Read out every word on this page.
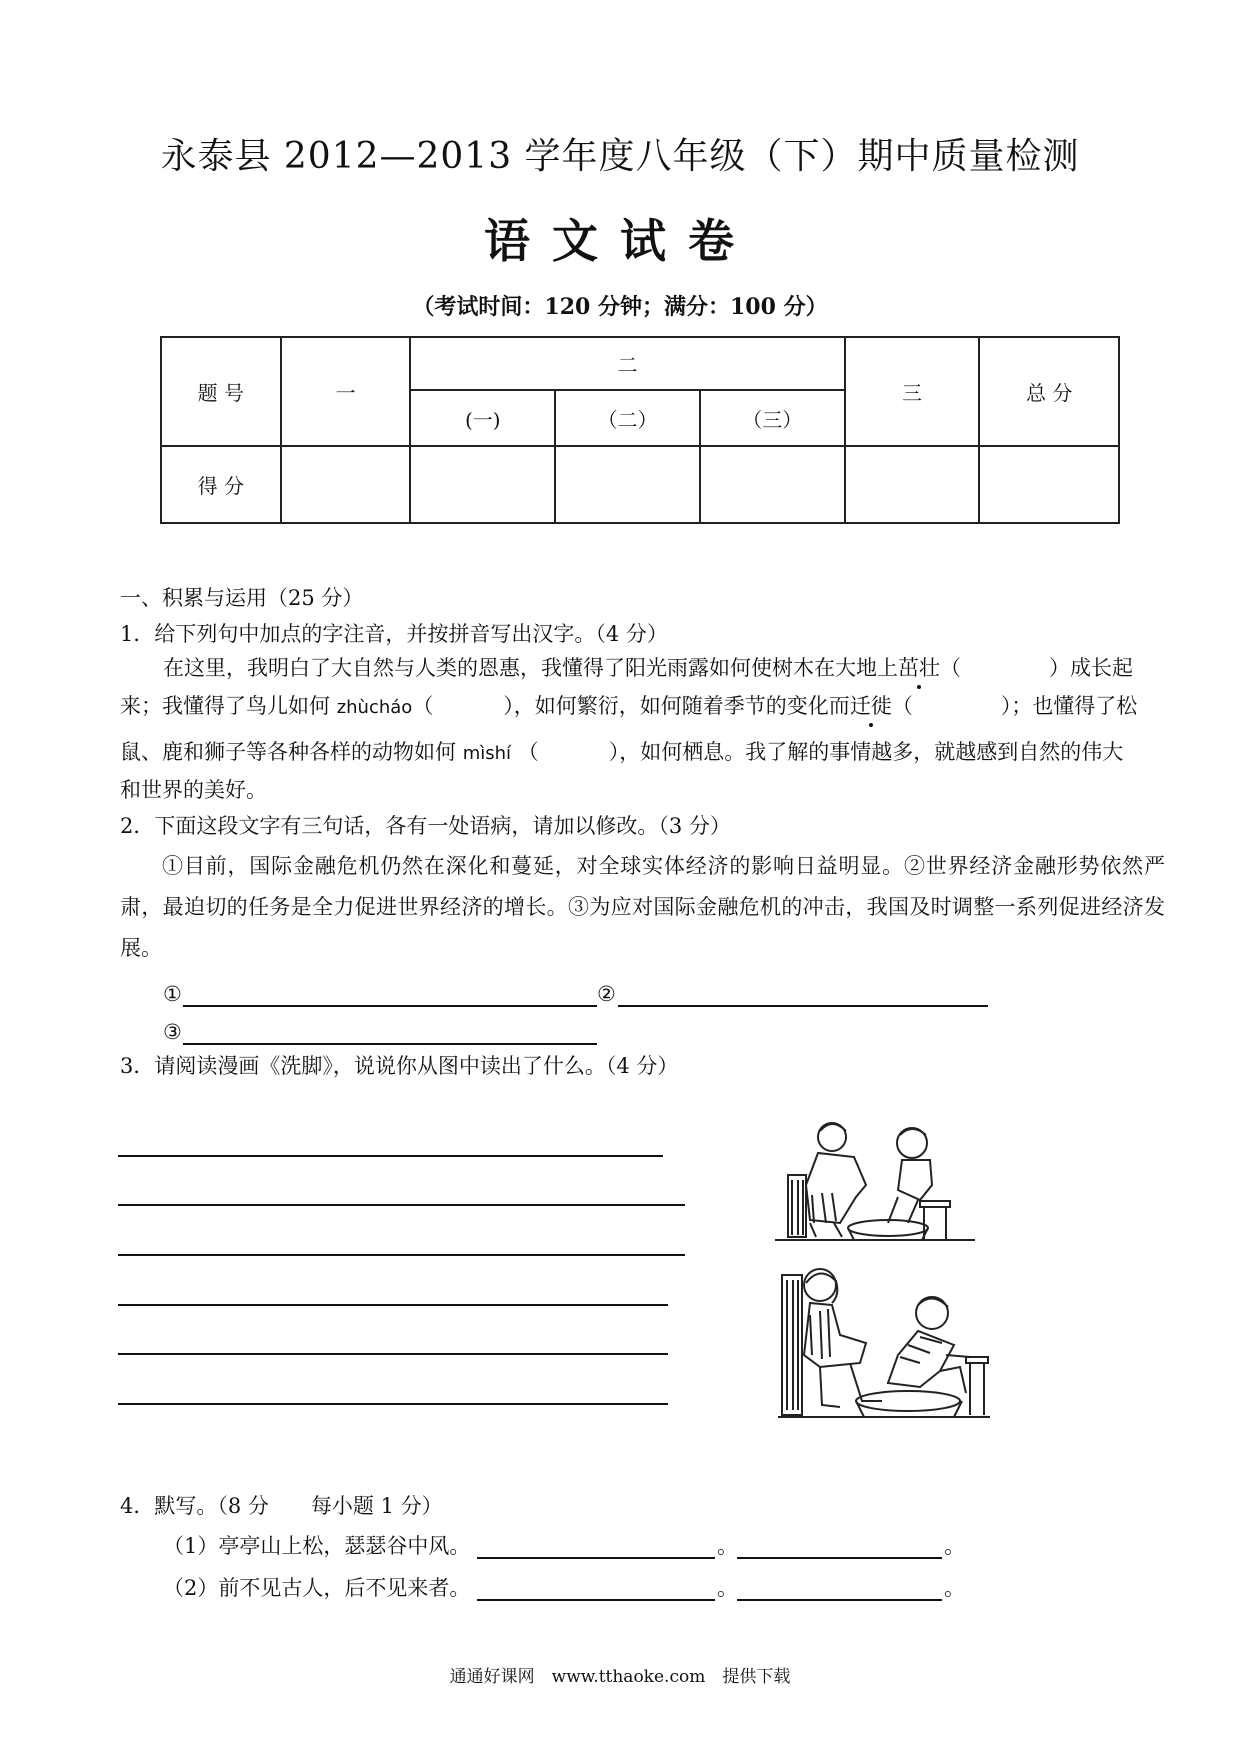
永泰县 2012—2013 学年度八年级（下）期中质量检测
语文试卷
（考试时间：120 分钟；满分：100 分）
题 号	一	二			三	总 分
		(一)	（二）	（三）		
得 分						
一、积累与运用（25 分）
1．给下列句中加点的字注音，并按拼音写出汉字。（4 分）
在这里，我明白了大自然与人类的恩惠，我懂得了阳光雨露如何使树木在大地上茁壮（	）成长起
来；我懂得了鸟儿如何 zhùcháo（	），如何繁衍，如何随着季节的变化而迁徙（	）；也懂得了松
鼠、鹿和狮子等各种各样的动物如何 mìshí （	），如何栖息。我了解的事情越多，就越感到自然的伟大
和世界的美好。
2．下面这段文字有三句话，各有一处语病，请加以修改。（3 分）
①目前，国际金融危机仍然在深化和蔓延，对全球实体经济的影响日益明显。②世界经济金融形势依然严肃，最迫切的任务是全力促进世界经济的增长。③为应对国际金融危机的冲击，我国及时调整一系列促进经济发展。
①	②
③
3．请阅读漫画《洗脚》，说说你从图中读出了什么。（4 分）
4．默写。（8 分　　每小题 1 分）
（1）亭亭山上松，瑟瑟谷中风。	。	。
（2）前不见古人，后不见来者。	。	。
通通好课网　www.tthaoke.com　提供下载
